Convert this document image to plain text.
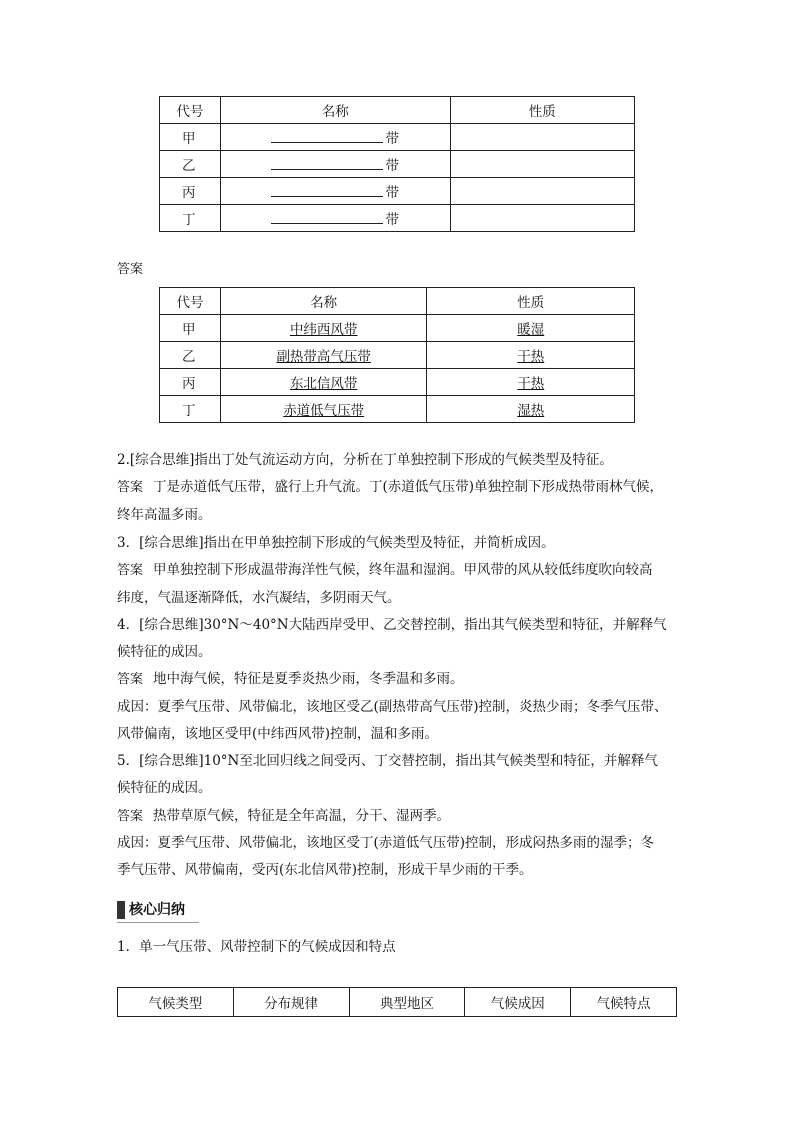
代号	名称	性质
甲	带	
乙	带	
丙	带	
丁	带	
答案
代号	名称	性质
甲	中纬西风带	暖湿
乙	副热带高气压带	干热
丙	东北信风带	干热
丁	赤道低气压带	湿热
2.[综合思维]指出丁处气流运动方向，分析在丁单独控制下形成的气候类型及特征。
答案 丁是赤道低气压带，盛行上升气流。丁(赤道低气压带)单独控制下形成热带雨林气候，
终年高温多雨。
3．[综合思维]指出在甲单独控制下形成的气候类型及特征，并简析成因。
答案 甲单独控制下形成温带海洋性气候，终年温和湿润。甲风带的风从较低纬度吹向较高
纬度，气温逐渐降低，水汽凝结，多阴雨天气。
4．[综合思维]30°N～40°N大陆西岸受甲、乙交替控制，指出其气候类型和特征，并解释气
候特征的成因。
答案 地中海气候，特征是夏季炎热少雨，冬季温和多雨。
成因：夏季气压带、风带偏北，该地区受乙(副热带高气压带)控制，炎热少雨；冬季气压带、
风带偏南，该地区受甲(中纬西风带)控制，温和多雨。
5．[综合思维]10°N至北回归线之间受丙、丁交替控制，指出其气候类型和特征，并解释气
候特征的成因。
答案 热带草原气候，特征是全年高温，分干、湿两季。
成因：夏季气压带、风带偏北，该地区受丁(赤道低气压带)控制，形成闷热多雨的湿季；冬
季气压带、风带偏南，受丙(东北信风带)控制，形成干旱少雨的干季。
核心归纳
1．单一气压带、风带控制下的气候成因和特点
气候类型	分布规律	典型地区	气候成因	气候特点
